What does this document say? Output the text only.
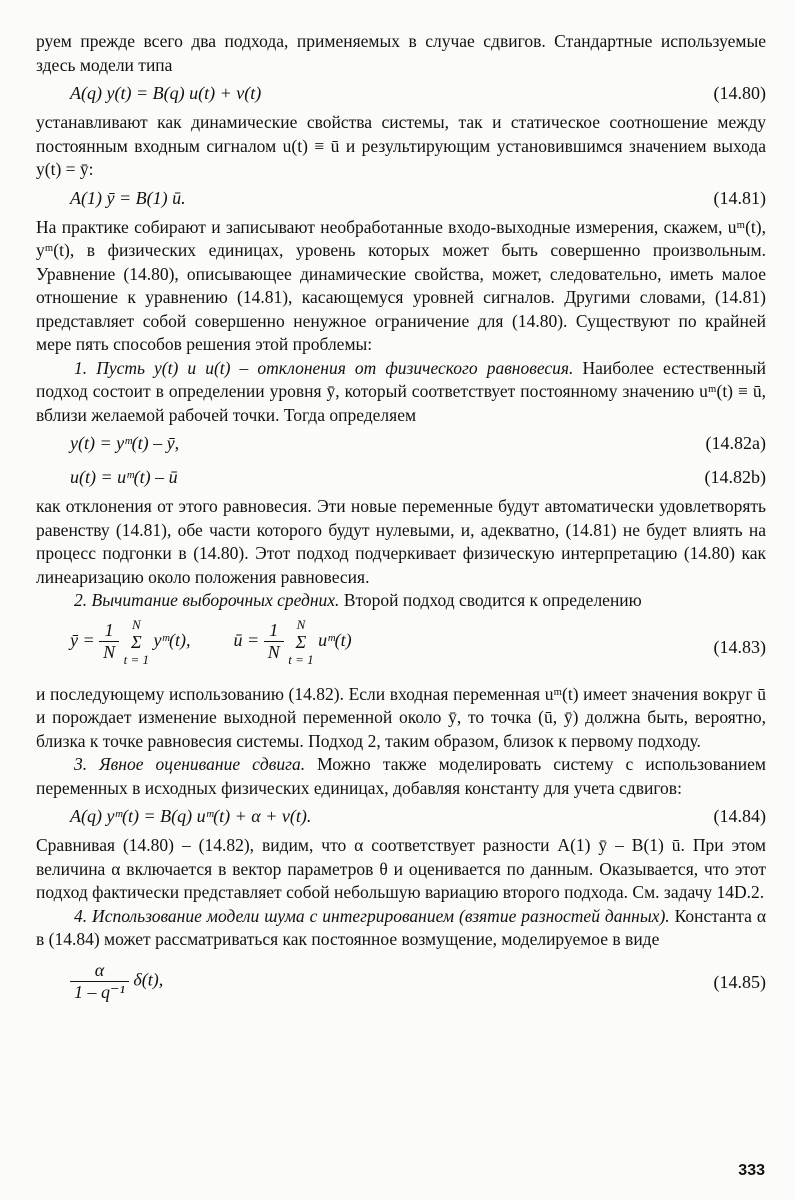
руем прежде всего два подхода, применяемых в случае сдвигов. Стандартные используемые здесь модели типа

A(q) y(t) = B(q) u(t) + v(t)	(14.80)

устанавливают как динамические свойства системы, так и статическое соотношение между постоянным входным сигналом u(t) ≡ ū и результирующим установившимся значением выхода y(t) = ȳ:

A(1) ȳ = B(1) ū.	(14.81)

На практике собирают и записывают необработанные входо-выходные измерения, скажем, uᵐ(t), yᵐ(t), в физических единицах, уровень которых может быть совершенно произвольным. Уравнение (14.80), описывающее динамические свойства, может, следовательно, иметь малое отношение к уравнению (14.81), касающемуся уровней сигналов. Другими словами, (14.81) представляет собой совершенно ненужное ограничение для (14.80). Существуют по крайней мере пять способов решения этой проблемы:

1. Пусть y(t) и u(t) – отклонения от физического равновесия. Наиболее естественный подход состоит в определении уровня ȳ, который соответствует постоянному значению uᵐ(t) ≡ ū, вблизи желаемой рабочей точки. Тогда определяем

y(t) = yᵐ(t) – ȳ,	(14.82a)
u(t) = uᵐ(t) – ū	(14.82b)

как отклонения от этого равновесия. Эти новые переменные будут автоматически удовлетворять равенству (14.81), обе части которого будут нулевыми, и, адекватно, (14.81) не будет влиять на процесс подгонки в (14.80). Этот подход подчеркивает физическую интерпретацию (14.80) как линеаризацию около положения равновесия.

2. Вычитание выборочных средних. Второй подход сводится к определению

ȳ = $\frac{1}{N}$ N
Σ
t = 1 yᵐ(t), ū = $\frac{1}{N}$ N
Σ
t = 1 uᵐ(t)	(14.83)

и последующему использованию (14.82). Если входная переменная uᵐ(t) имеет значения вокруг ū и порождает изменение выходной переменной около ȳ, то точка (ū, ȳ) должна быть, вероятно, близка к точке равновесия системы. Подход 2, таким образом, близок к первому подходу.

3. Явное оценивание сдвига. Можно также моделировать систему с использованием переменных в исходных физических единицах, добавляя константу для учета сдвигов:

A(q) yᵐ(t) = B(q) uᵐ(t) + α + v(t).	(14.84)

Сравнивая (14.80) – (14.82), видим, что α соответствует разности A(1) ȳ – B(1) ū. При этом величина α включается в вектор параметров θ и оценивается по данным. Оказывается, что этот подход фактически представляет собой небольшую вариацию второго подхода. См. задачу 14D.2.

4. Использование модели шума с интегрированием (взятие разностей данных). Константа α в (14.84) может рассматриваться как постоянное возмущение, моделируемое в виде

$\frac{\alpha}{\text{1 – q⁻¹}} \delta(t)$,	(14.85)
333
